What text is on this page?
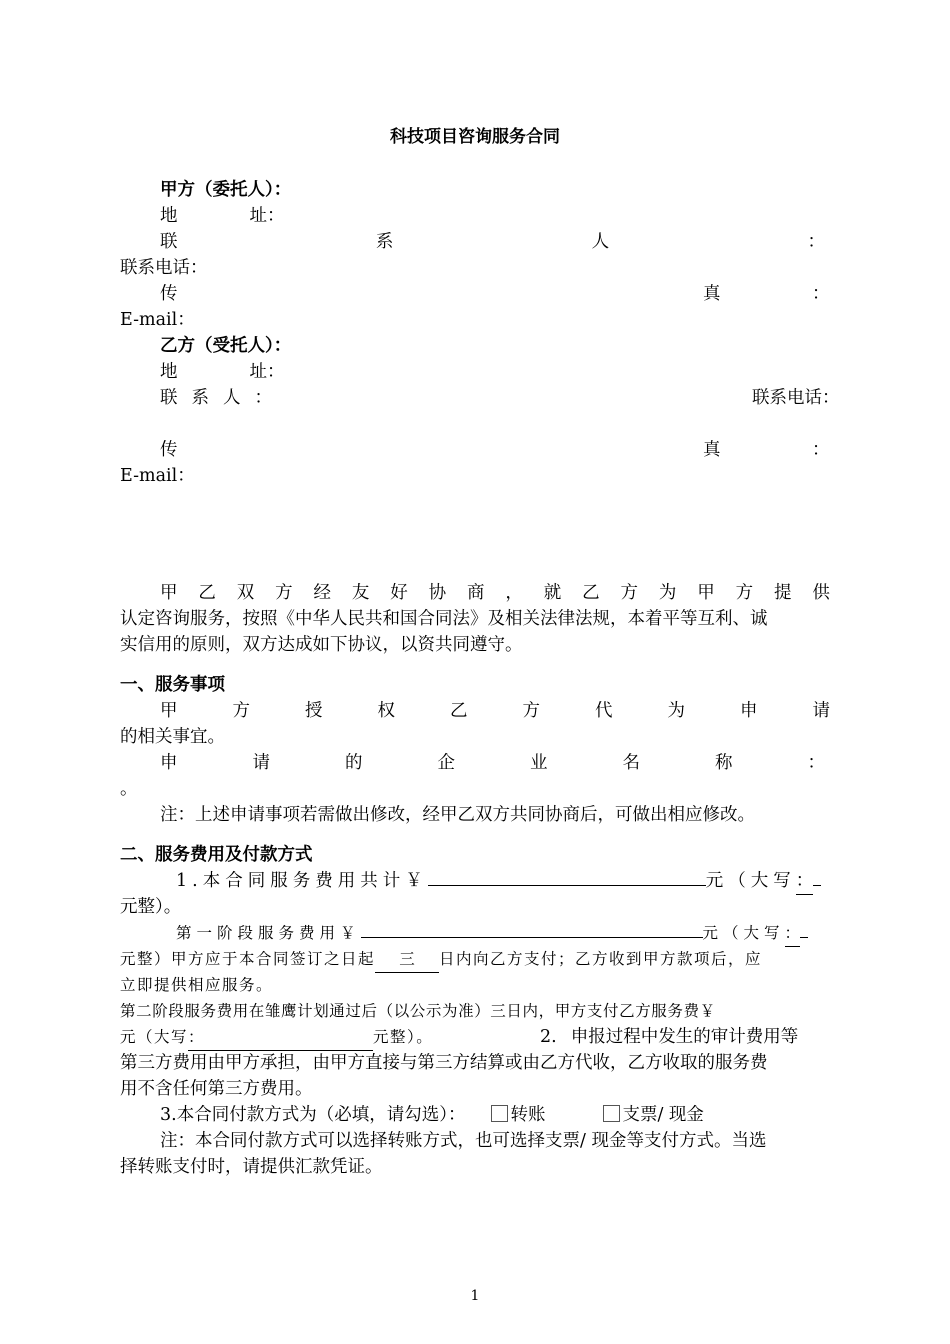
科技项目咨询服务合同
甲方（委托人）：
地	址：
联	系	人	：
联系电话：
传	真	：
E-mail：
乙方（受托人）：
地	址：
联系人：	联系电话：
传	真	：
E-mail：
甲 乙 双 方 经 友 好 协 商 ， 就 乙 方 为 甲 方 提 供
认定咨询服务，按照《中华人民共和国合同法》及相关法律法规，本着平等互利、诚
实信用的原则，双方达成如下协议，以资共同遵守。
一、服务事项
甲	方	授	权	乙	方	代	为	申	请
的相关事宜。
申	请	的	企	业	名	称	：
。
注：上述申请事项若需做出修改，经甲乙双方共同协商后，可做出相应修改。
二、服务费用及付款方式
1.本合同服务费用共计￥	元（大写：
元整）。
第一阶段服务费用￥	元（大写：
元整）甲方应于本合同签订之日起 三 日内向乙方支付；乙方收到甲方款项后，应
立即提供相应服务。
第二阶段服务费用在雏鹰计划通过后（以公示为准）三日内，甲方支付乙方服务费￥
元（大写：	元整）。	2. 申报过程中发生的审计费用等
第三方费用由甲方承担，由甲方直接与第三方结算或由乙方代收，乙方收取的服务费
用不含任何第三方费用。
3.本合同付款方式为（必填，请勾选）：	转账	支票/ 现金
注：本合同付款方式可以选择转账方式，也可选择支票/ 现金等支付方式。当选
择转账支付时，请提供汇款凭证。
1
